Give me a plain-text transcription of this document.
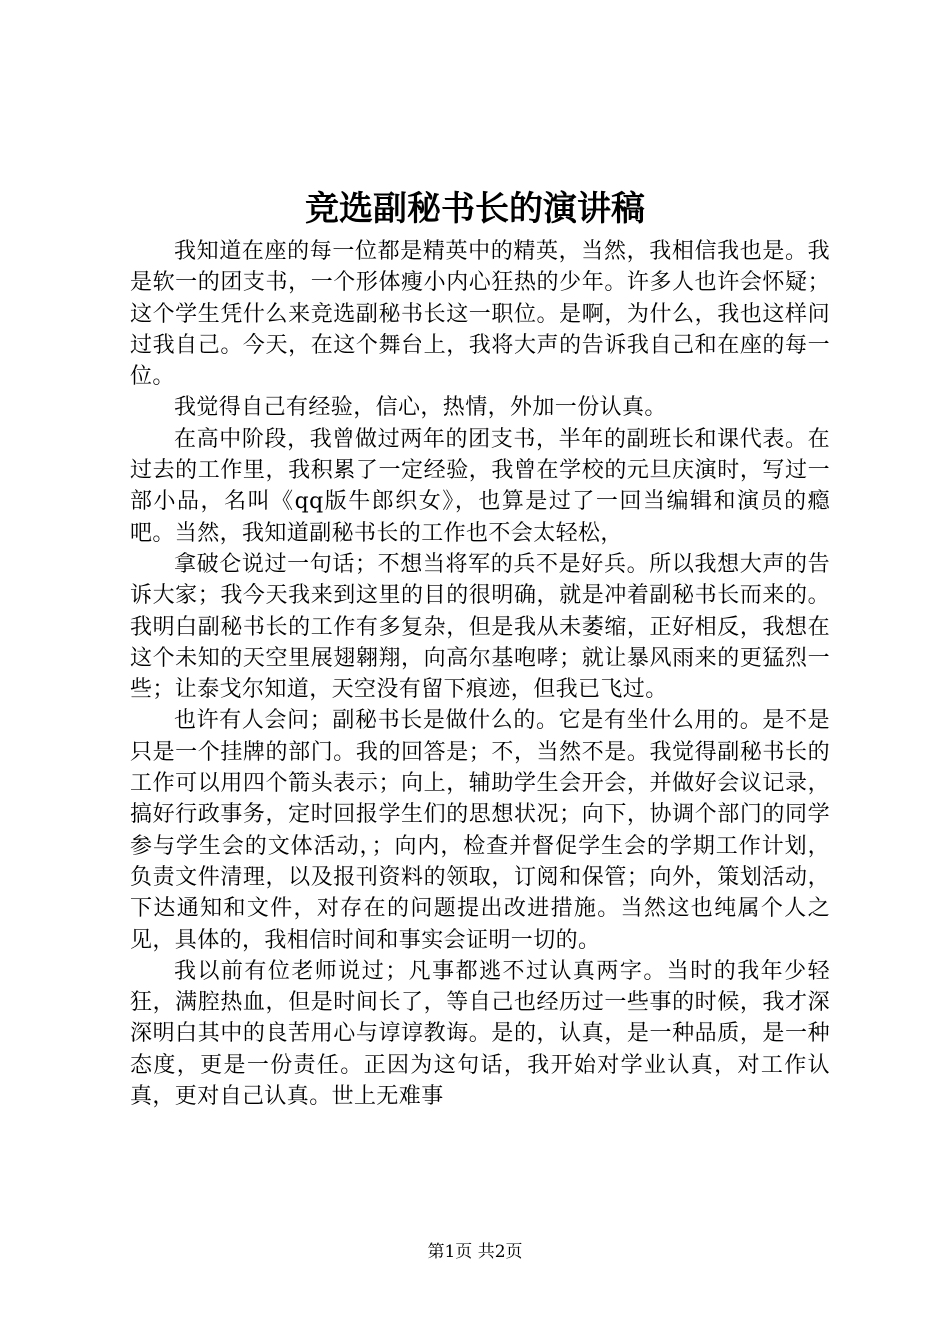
竞选副秘书长的演讲稿

我知道在座的每一位都是精英中的精英，当然，我相信我也是。我是软一的团支书，一个形体瘦小内心狂热的少年。许多人也许会怀疑；这个学生凭什么来竞选副秘书长这一职位。是啊，为什么，我也这样问过我自己。今天，在这个舞台上，我将大声的告诉我自己和在座的每一位。

我觉得自己有经验，信心，热情，外加一份认真。

在高中阶段，我曾做过两年的团支书，半年的副班长和课代表。在过去的工作里，我积累了一定经验，我曾在学校的元旦庆演时，写过一部小品，名叫《qq版牛郎织女》，也算是过了一回当编辑和演员的瘾吧。当然，我知道副秘书长的工作也不会太轻松，

拿破仑说过一句话；不想当将军的兵不是好兵。所以我想大声的告诉大家；我今天我来到这里的目的很明确，就是冲着副秘书长而来的。我明白副秘书长的工作有多复杂，但是我从未萎缩，正好相反，我想在这个未知的天空里展翅翱翔，向高尔基咆哮；就让暴风雨来的更猛烈一些；让泰戈尔知道，天空没有留下痕迹，但我已飞过。

也许有人会问；副秘书长是做什么的。它是有坐什么用的。是不是只是一个挂牌的部门。我的回答是；不，当然不是。我觉得副秘书长的工作可以用四个箭头表示；向上，辅助学生会开会，并做好会议记录，搞好行政事务，定时回报学生们的思想状况；向下，协调个部门的同学参与学生会的文体活动，；向内，检查并督促学生会的学期工作计划，负责文件清理，以及报刊资料的领取，订阅和保管；向外，策划活动，下达通知和文件，对存在的问题提出改进措施。当然这也纯属个人之见，具体的，我相信时间和事实会证明一切的。

我以前有位老师说过；凡事都逃不过认真两字。当时的我年少轻狂，满腔热血，但是时间长了，等自己也经历过一些事的时候，我才深深明白其中的良苦用心与谆谆教诲。是的，认真，是一种品质，是一种态度，更是一份责任。正因为这句话，我开始对学业认真，对工作认真，更对自己认真。世上无难事

第1页 共2页
